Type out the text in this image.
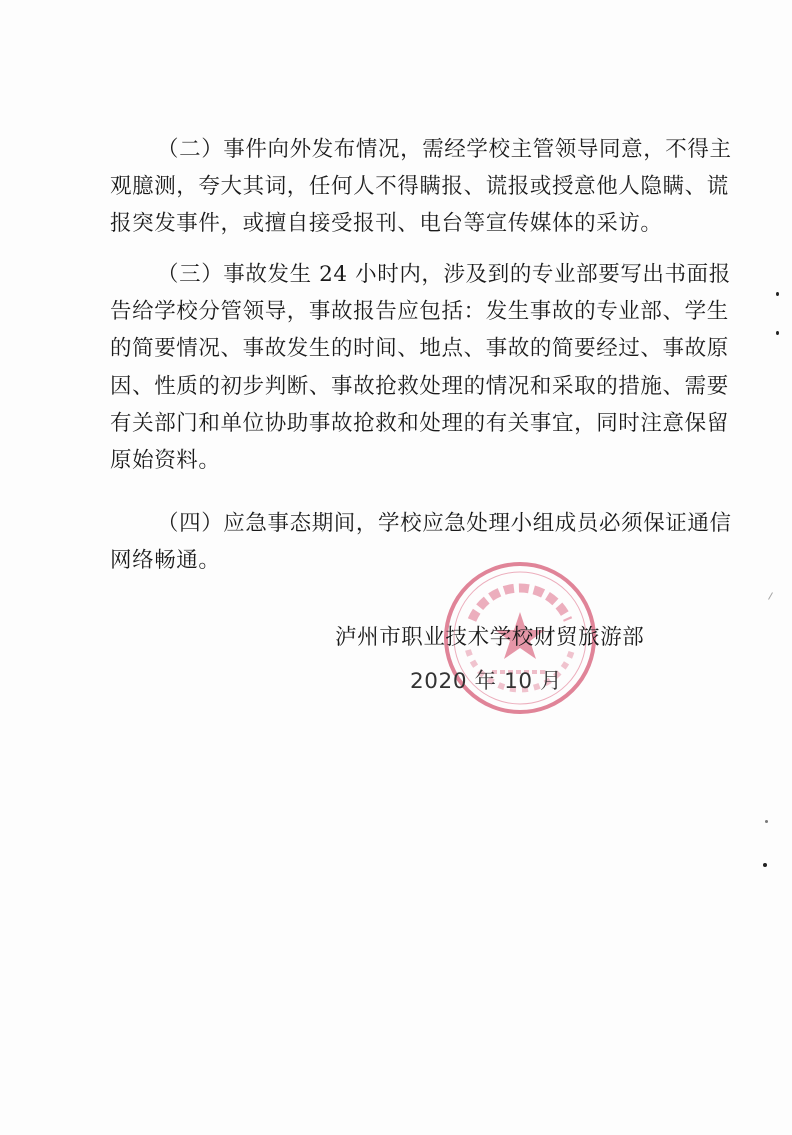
（二）事件向外发布情况，需经学校主管领导同意，不得主
观臆测，夸大其词，任何人不得瞒报、谎报或授意他人隐瞒、谎
报突发事件，或擅自接受报刊、电台等宣传媒体的采访。
（三）事故发生 24 小时内，涉及到的专业部要写出书面报
告给学校分管领导，事故报告应包括：发生事故的专业部、学生
的简要情况、事故发生的时间、地点、事故的简要经过、事故原
因、性质的初步判断、事故抢救处理的情况和采取的措施、需要
有关部门和单位协助事故抢救和处理的有关事宜，同时注意保留
原始资料。
（四）应急事态期间，学校应急处理小组成员必须保证通信
网络畅通。
泸州市职业技术学校财贸旅游部
2020 年 10 月
